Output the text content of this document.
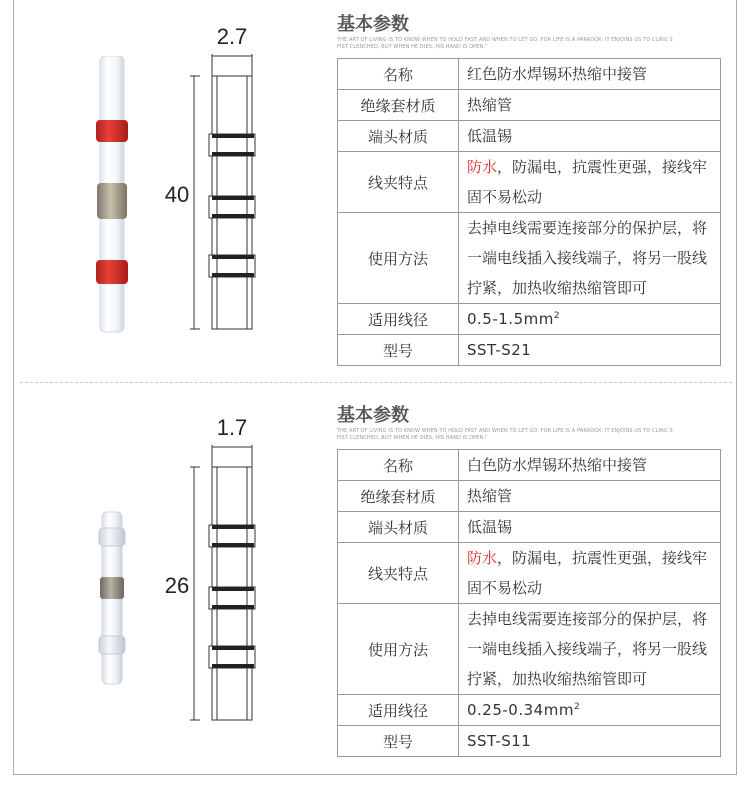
2.7
40
基本参数
THE ART OF LIVING IS TO KNOW WHEN TO HOLD FAST AND WHEN TO LET GO. FOR LIFE IS A PARADOX: IT ENJOINS US TO CLING S FIST CLENCHED, BUT WHEN HE DIES, HIS HAND IS OPEN."
名称	红色防水焊锡环热缩中接管
绝缘套材质	热缩管
端头材质	低温锡
线夹特点	防水，防漏电，抗震性更强，接线牢固不易松动
使用方法	去掉电线需要连接部分的保护层，将一端电线插入接线端子，将另一股线拧紧，加热收缩热缩管即可
适用线径	$0.5-1.5mm^2$
型号	SST-S21
1.7
26
基本参数
THE ART OF LIVING IS TO KNOW WHEN TO HOLD FAST AND WHEN TO LET GO. FOR LIFE IS A PARADOX: IT ENJOINS US TO CLING S FIST CLENCHED, BUT WHEN HE DIES, HIS HAND IS OPEN."
名称	白色防水焊锡环热缩中接管
绝缘套材质	热缩管
端头材质	低温锡
线夹特点	防水，防漏电，抗震性更强，接线牢固不易松动
使用方法	去掉电线需要连接部分的保护层，将一端电线插入接线端子，将另一股线拧紧，加热收缩热缩管即可
适用线径	$0.25-0.34mm^2$
型号	SST-S11
